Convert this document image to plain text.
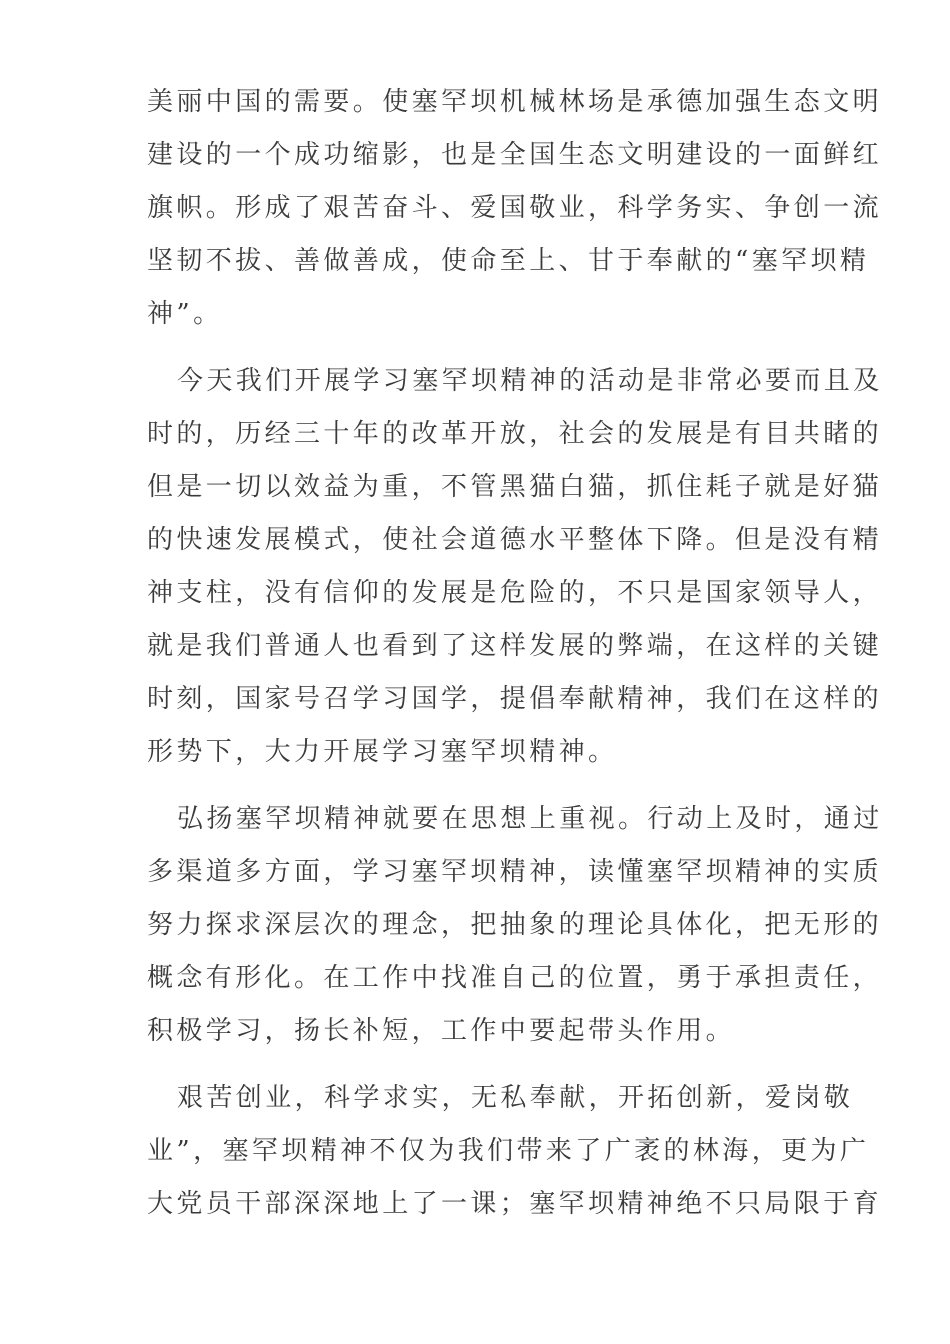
美丽中国的需要。使塞罕坝机械林场是承德加强生态文明
建设的一个成功缩影，也是全国生态文明建设的一面鲜红
旗帜。形成了艰苦奋斗、爱国敬业，科学务实、争创一流
坚韧不拔、善做善成，使命至上、甘于奉献的“塞罕坝精
神”。
今天我们开展学习塞罕坝精神的活动是非常必要而且及
时的，历经三十年的改革开放，社会的发展是有目共睹的
但是一切以效益为重，不管黑猫白猫，抓住耗子就是好猫
的快速发展模式，使社会道德水平整体下降。但是没有精
神支柱，没有信仰的发展是危险的，不只是国家领导人，
就是我们普通人也看到了这样发展的弊端，在这样的关键
时刻，国家号召学习国学，提倡奉献精神，我们在这样的
形势下，大力开展学习塞罕坝精神。
弘扬塞罕坝精神就要在思想上重视。行动上及时，通过
多渠道多方面，学习塞罕坝精神，读懂塞罕坝精神的实质
努力探求深层次的理念，把抽象的理论具体化，把无形的
概念有形化。在工作中找准自己的位置，勇于承担责任，
积极学习，扬长补短，工作中要起带头作用。
艰苦创业，科学求实，无私奉献，开拓创新，爱岗敬
业”，塞罕坝精神不仅为我们带来了广袤的林海，更为广
大党员干部深深地上了一课；塞罕坝精神绝不只局限于育
